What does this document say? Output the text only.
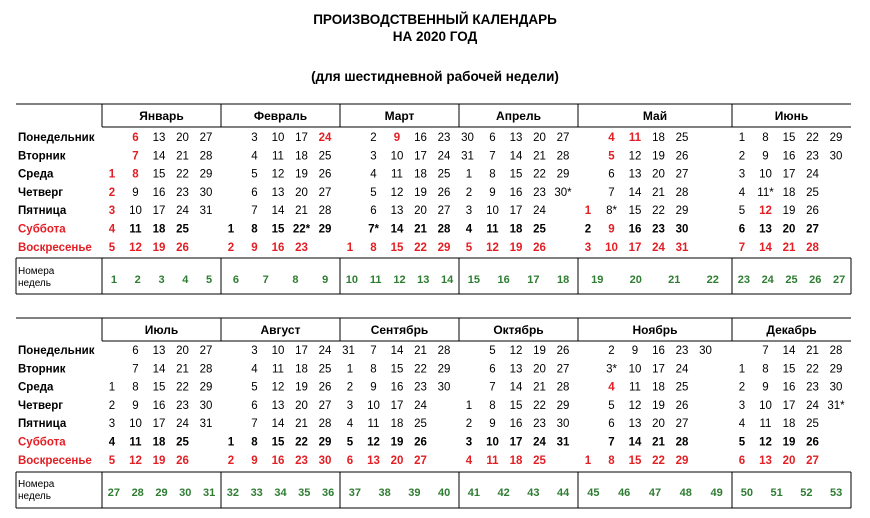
ПРОИЗВОДСТВЕННЫЙ КАЛЕНДАРЬ
НА 2020 ГОД
(для шестидневной рабочей недели)
Понедельник
Вторник
Среда
Четверг
Пятница
Суббота
Воскресенье
Номера
недель
Январь
1
2
3
4
5
6
7
8
9
10
11
12
13
14
15
16
17
18
19
20
21
22
23
24
25
26
27
28
29
30
31
1 2 3 4 5
Февраль
1
2
3
4
5
6
7
8
9
10
11
12
13
14
15
16
17
18
19
20
21
22*
23
24
25
26
27
28
29
6 7 8 9
Март
1
2
3
4
5
6
7*
8
9
10
11
12
13
14
15
16
17
18
19
20
21
22
23
24
25
26
27
28
29
30
31
10 11 12 13 14
Апрель
1
2
3
4
5
6
7
8
9
10
11
12
13
14
15
16
17
18
19
20
21
22
23
24
25
26
27
28
29
30*
15 16 17 18
Май
1
2
3
4
5
6
7
8*
9
10
11
12
13
14
15
16
17
18
19
20
21
22
23
24
25
26
27
28
29
30
31
19 20 21 22
Июнь
1
2
3
4
5
6
7
8
9
10
11*
12
13
14
15
16
17
18
19
20
21
22
23
24
25
26
27
28
29
30
23 24 25 26 27
Понедельник
Вторник
Среда
Четверг
Пятница
Суббота
Воскресенье
Номера
недель
Июль
1
2
3
4
5
6
7
8
9
10
11
12
13
14
15
16
17
18
19
20
21
22
23
24
25
26
27
28
29
30
31
27 28 29 30 31
Август
1
2
3
4
5
6
7
8
9
10
11
12
13
14
15
16
17
18
19
20
21
22
23
24
25
26
27
28
29
30
31
32 33 34 35 36
Сентябрь
1
2
3
4
5
6
7
8
9
10
11
12
13
14
15
16
17
18
19
20
21
22
23
24
25
26
27
28
29
30
37 38 39 40
Октябрь
1
2
3
4
5
6
7
8
9
10
11
12
13
14
15
16
17
18
19
20
21
22
23
24
25
26
27
28
29
30
31
41 42 43 44
Ноябрь
1
2
3*
4
5
6
7
8
9
10
11
12
13
14
15
16
17
18
19
20
21
22
23
24
25
26
27
28
29
30
45 46 47 48 49
Декабрь
1
2
3
4
5
6
7
8
9
10
11
12
13
14
15
16
17
18
19
20
21
22
23
24
25
26
27
28
29
30
31*
50 51 52 53
